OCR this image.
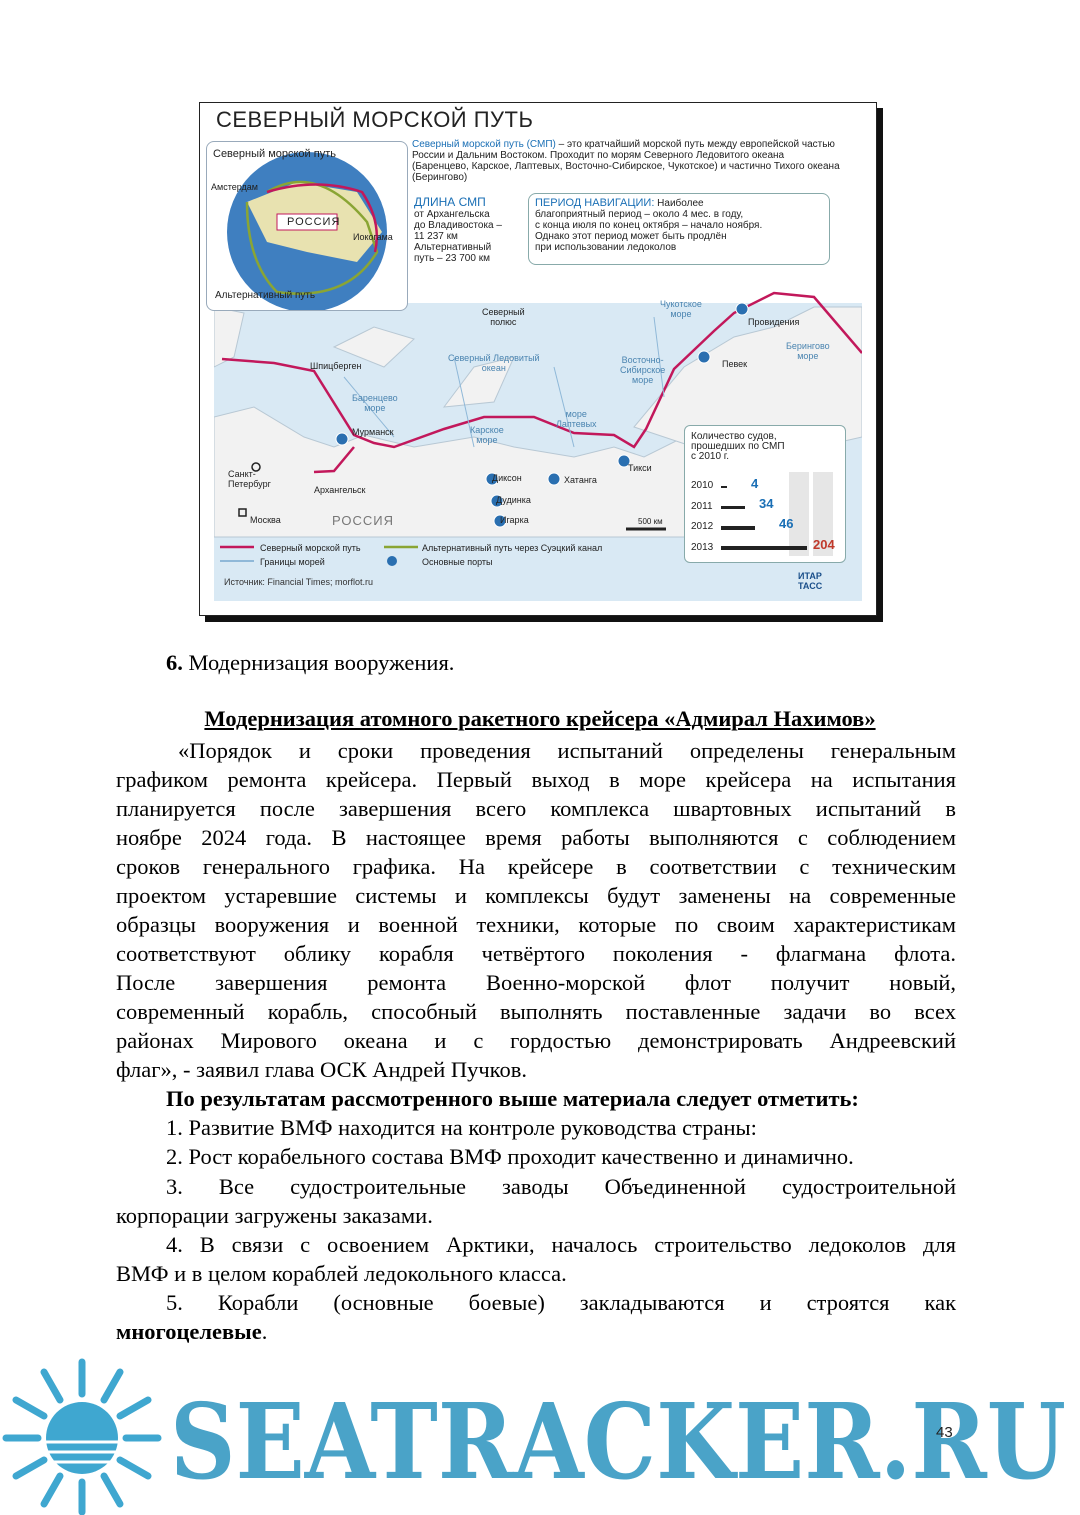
СЕВЕРНЫЙ МОРСКОЙ ПУТЬ
Северный морской путь
Амстердам
РОССИЯ
Иокогама
Альтернативный путь
Северный морской путь (СМП) – это кратчайший морской путь между европейской частью России и Дальним Востоком. Проходит по морям Северного Ледовитого океана (Баренцево, Карское, Лаптевых, Восточно-Сибирское, Чукотское) и частично Тихого океана (Берингово)
ДЛИНА СМП
от Архангельска
до Владивостока –
11 237 км
Альтернативный
путь – 23 700 км
ПЕРИОД НАВИГАЦИИ: Наиболее
благоприятный период – около 4 мес. в году,
с конца июля по конец октября – начало ноября.
Однако этот период может быть продлён
при использовании ледоколов
Северный
полюс
Северный Ледовитый
океан
Чукотское
море
Берингово
море
Восточно-
Сибирское
море
Баренцево
море
Карское
море
море
Лаптевых
Шпицберген
Мурманск
Санкт-
Петербург
Архангельск
Москва	РОССИЯ
Диксон
Дудинка
Игарка
Хатанга
Тикси
Певек
Провидения
500 км
Количество судов,
прошедших по СМП
с 2010 г.
2010	4
2011	34
2012	46
2013	204
Северный морской путь	Альтернативный путь через Суэцкий канал
Границы морей	Основные порты
Источник: Financial Times; morflot.ru
ИТАР
ТАСС
6. Модернизация вооружения.
Модернизация атомного ракетного крейсера «Адмирал Нахимов»
«Порядок и сроки проведения испытаний определены генеральным
графиком ремонта крейсера. Первый выход в море крейсера на испытания
планируется после завершения всего комплекса швартовных испытаний в
ноябре 2024 года. В настоящее время работы выполняются с соблюдением
сроков генерального графика. На крейсере в соответствии с техническим
проектом устаревшие системы и комплексы будут заменены на современные
образцы вооружения и военной техники, которые по своим характеристикам
соответствуют облику корабля четвёртого поколения - флагмана флота.
После завершения ремонта Военно-морской флот получит новый,
современный корабль, способный выполнять поставленные задачи во всех
районах Мирового океана и с гордостью демонстрировать Андреевский
флаг», - заявил глава ОСК Андрей Пучков.
По результатам рассмотренного выше материала следует отметить:
1. Развитие ВМФ находится на контроле руководства страны:
2. Рост корабельного состава ВМФ проходит качественно и динамично.
3. Все судостроительные заводы Объединенной судостроительной
корпорации загружены заказами.
4. В связи с освоением Арктики, началось строительство ледоколов для
ВМФ и в целом кораблей ледокольного класса.
5. Корабли (основные боевые) закладываются и строятся как
многоцелевые.
SEATRACKER.RU
43
